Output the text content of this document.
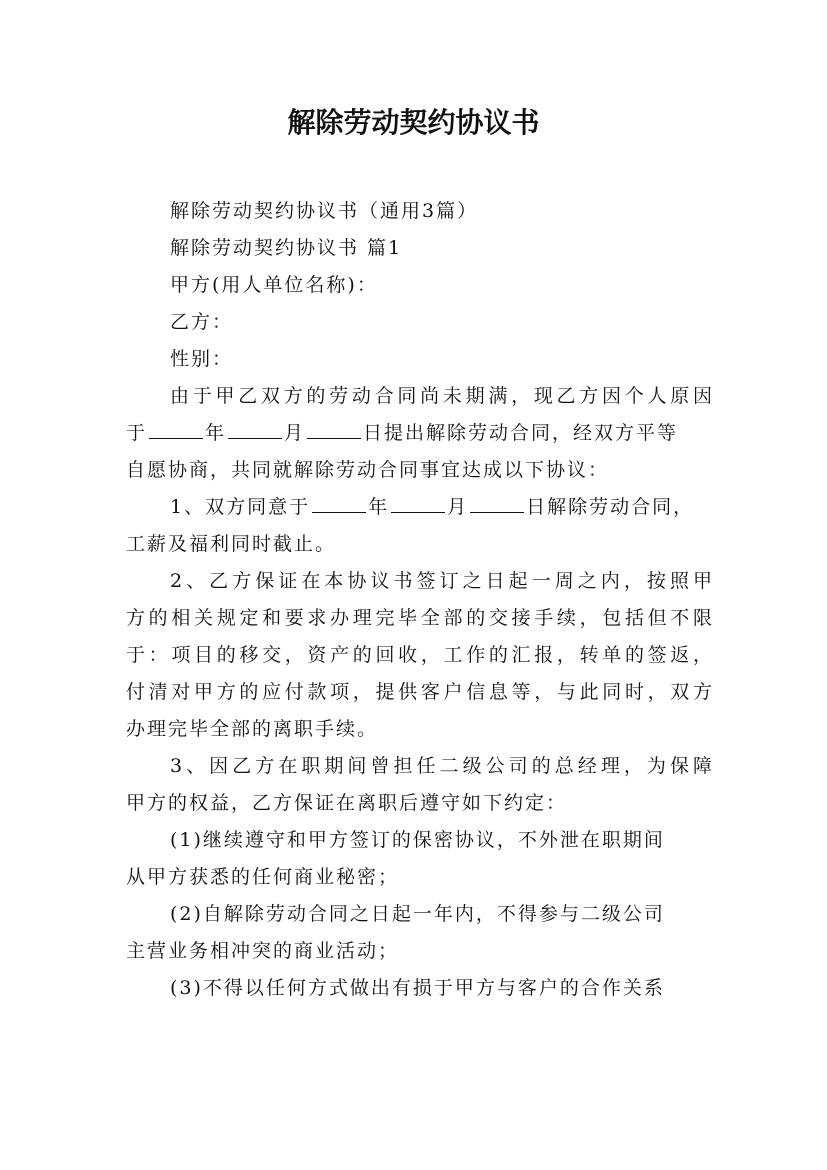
解除劳动契约协议书
解除劳动契约协议书（通用3篇）
解除劳动契约协议书 篇1
甲方(用人单位名称)：
乙方：
性别：
由于甲乙双方的劳动合同尚未期满，现乙方因个人原因
于	年	月	日提出解除劳动合同，经双方平等
自愿协商，共同就解除劳动合同事宜达成以下协议：
1、双方同意于	年	月	日解除劳动合同，
工薪及福利同时截止。
2、乙方保证在本协议书签订之日起一周之内，按照甲
方的相关规定和要求办理完毕全部的交接手续，包括但不限
于：项目的移交，资产的回收，工作的汇报，转单的签返，
付清对甲方的应付款项，提供客户信息等，与此同时，双方
办理完毕全部的离职手续。
3、因乙方在职期间曾担任二级公司的总经理，为保障
甲方的权益，乙方保证在离职后遵守如下约定：
(1)继续遵守和甲方签订的保密协议，不外泄在职期间
从甲方获悉的任何商业秘密；
(2)自解除劳动合同之日起一年内，不得参与二级公司
主营业务相冲突的商业活动；
(3)不得以任何方式做出有损于甲方与客户的合作关系
